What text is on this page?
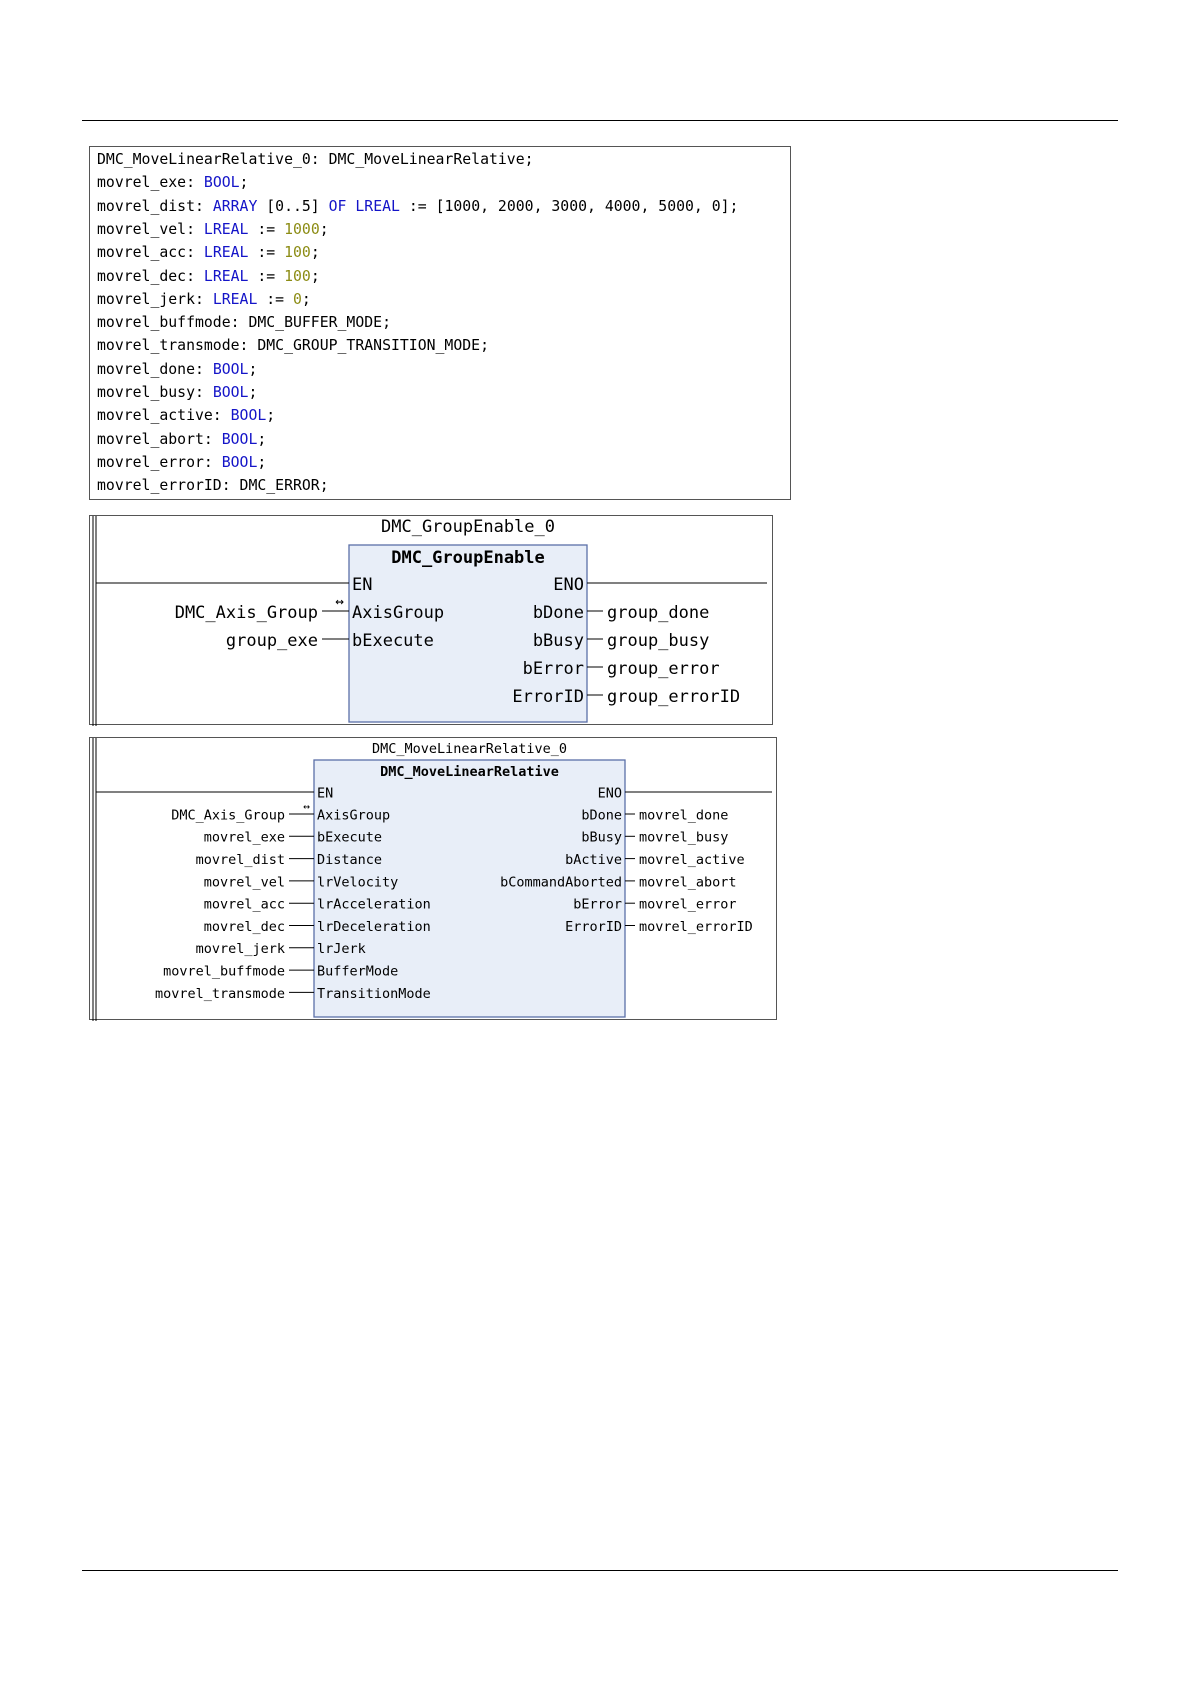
DMC_MoveLinearRelative_0: DMC_MoveLinearRelative;
movrel_exe: BOOL;
movrel_dist: ARRAY [0..5] OF LREAL := [1000, 2000, 3000, 4000, 5000, 0];
movrel_vel: LREAL := 1000;
movrel_acc: LREAL := 100;
movrel_dec: LREAL := 100;
movrel_jerk: LREAL := 0;
movrel_buffmode: DMC_BUFFER_MODE;
movrel_transmode: DMC_GROUP_TRANSITION_MODE;
movrel_done: BOOL;
movrel_busy: BOOL;
movrel_active: BOOL;
movrel_abort: BOOL;
movrel_error: BOOL;
movrel_errorID: DMC_ERROR;
DMC_GroupEnable_0
DMC_GroupEnable
EN	ENO
AxisGroup
DMC_Axis_Group
↔
bExecute
group_exe
bDone group_done
bBusy group_busy
bError group_error
ErrorID group_errorID
DMC_MoveLinearRelative_0
DMC_MoveLinearRelative
EN	ENO
AxisGroup
DMC_Axis_Group
↔
bExecute
movrel_exe
Distance
movrel_dist
lrVelocity
movrel_vel
lrAcceleration
movrel_acc
lrDeceleration
movrel_dec
lrJerk
movrel_jerk
BufferMode
movrel_buffmode
TransitionMode
movrel_transmode
bDone movrel_done
bBusy movrel_busy
bActive movrel_active
bCommandAborted movrel_abort
bError movrel_error
ErrorID movrel_errorID
